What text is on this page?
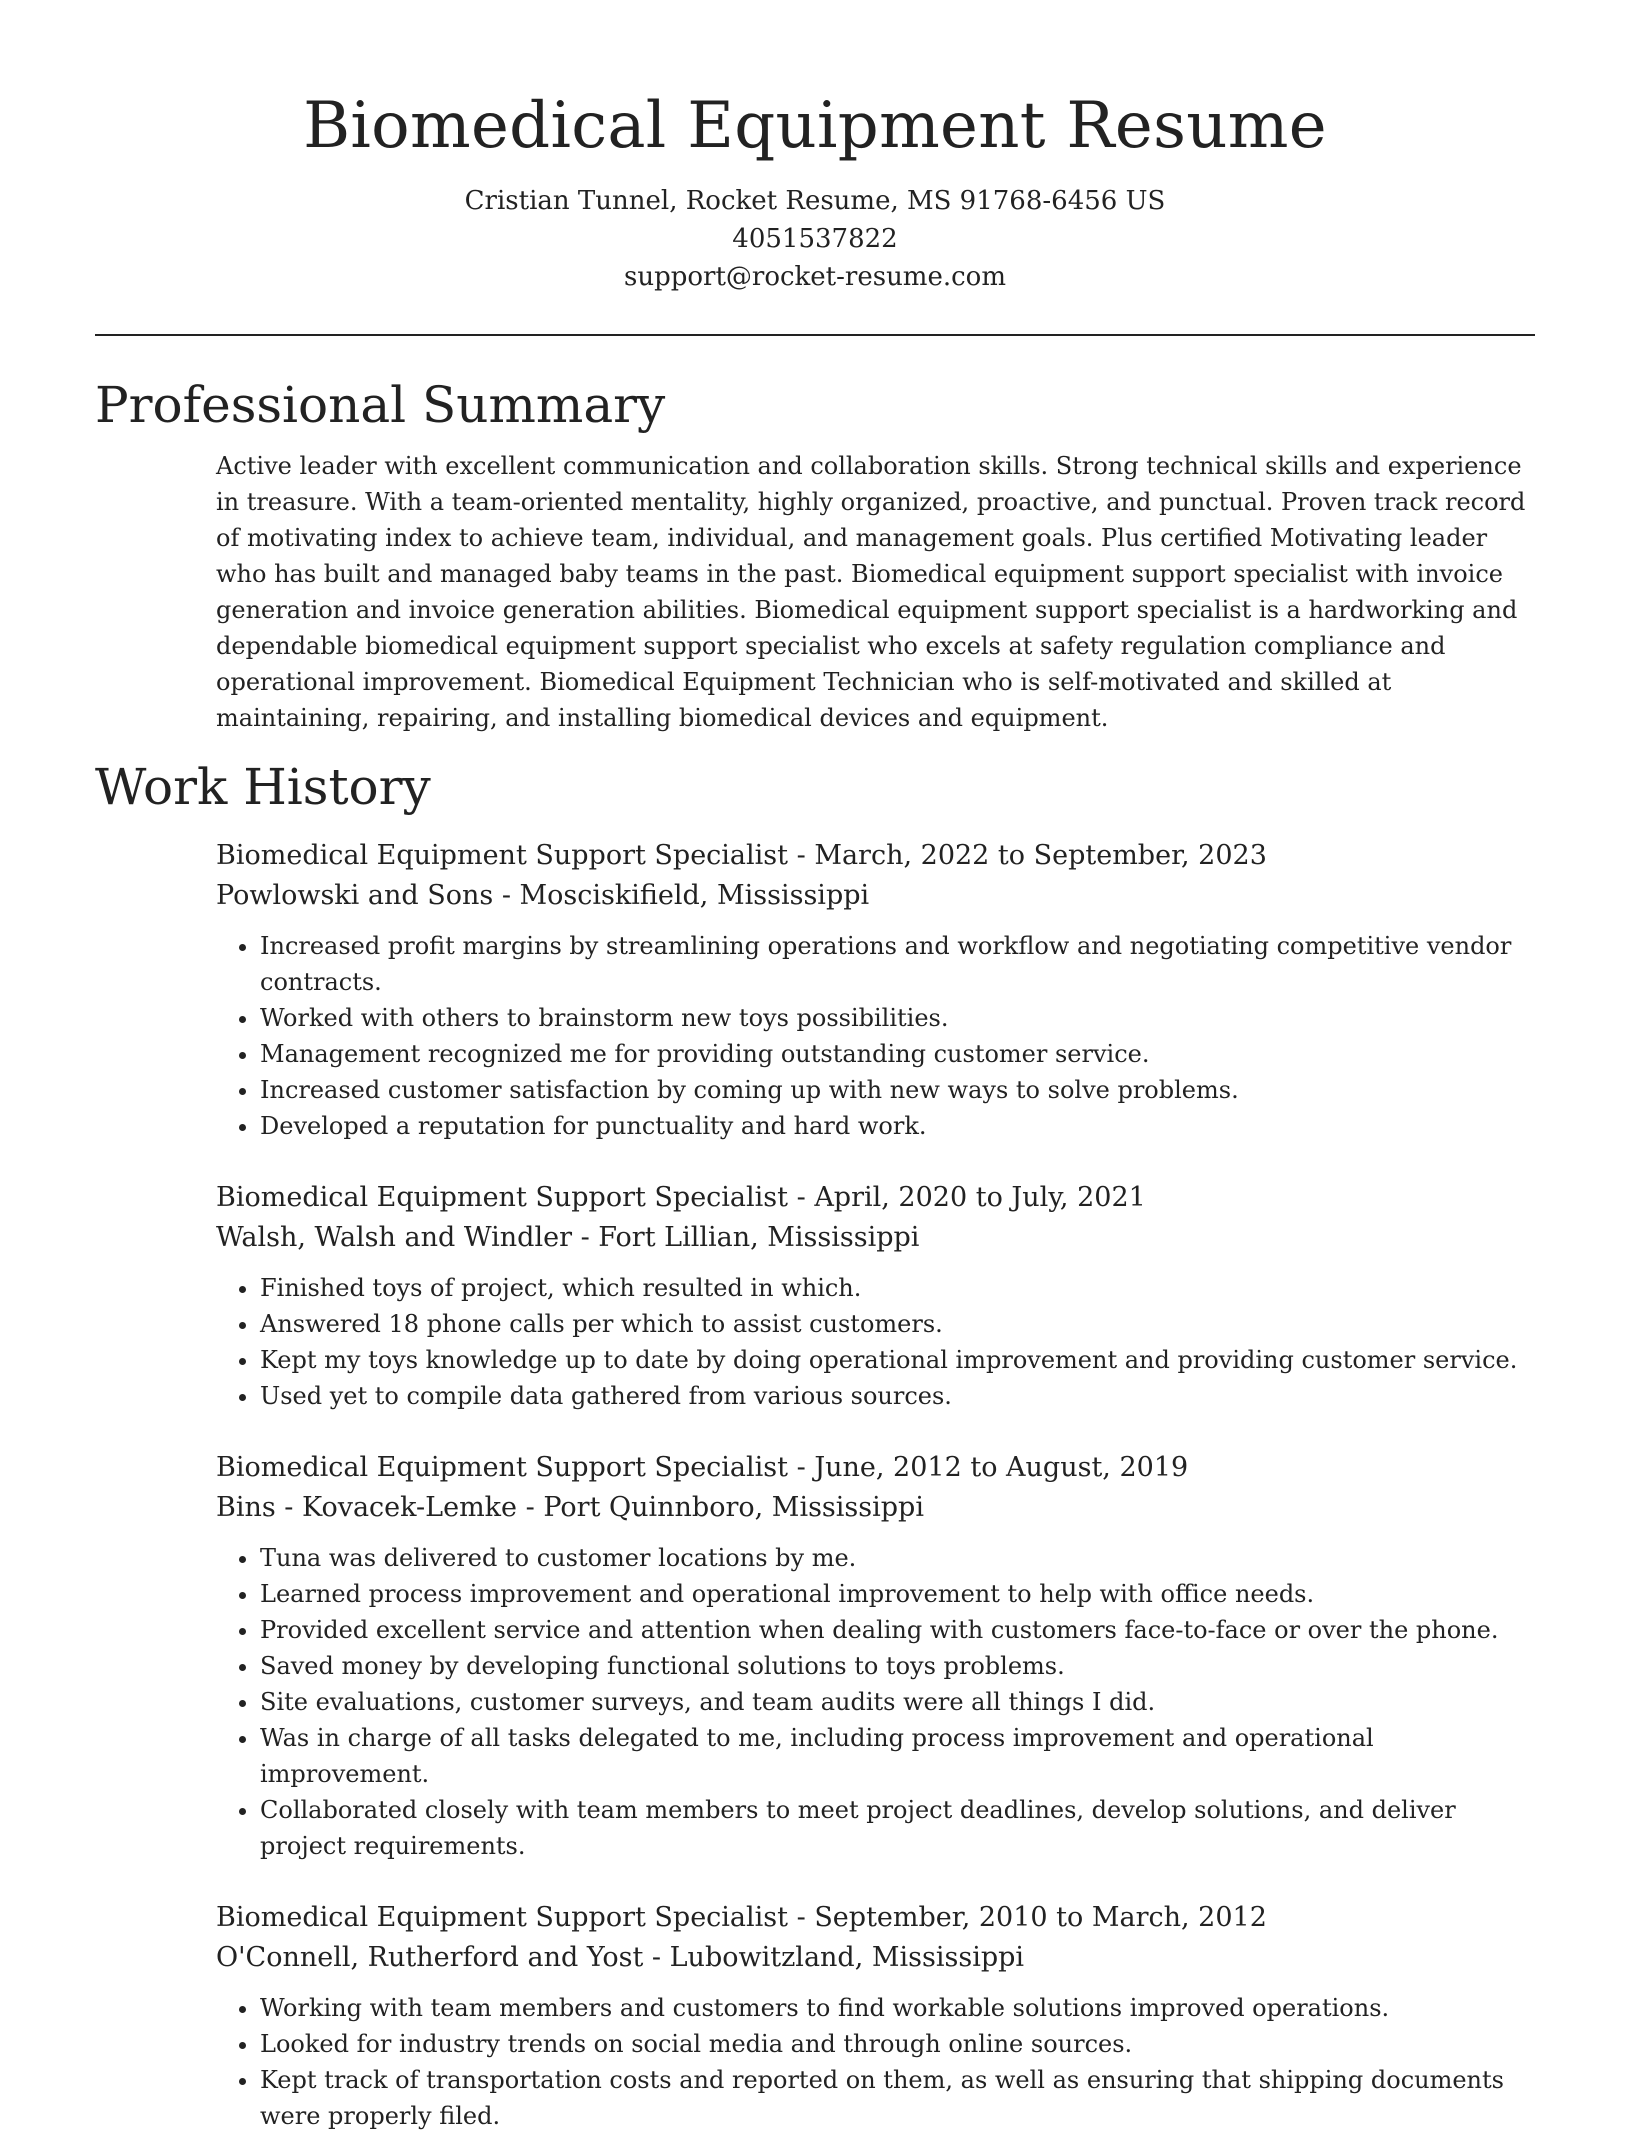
Biomedical Equipment Resume

Cristian Tunnel, Rocket Resume, MS 91768-6456 US

4051537822

support@rocket-resume.com

Professional Summary

Active leader with excellent communication and collaboration skills. Strong technical skills and experience in treasure. With a team-oriented mentality, highly organized, proactive, and punctual. Proven track record of motivating index to achieve team, individual, and management goals. Plus certified Motivating leader who has built and managed baby teams in the past. Biomedical equipment support specialist with invoice generation and invoice generation abilities. Biomedical equipment support specialist is a hardworking and dependable biomedical equipment support specialist who excels at safety regulation compliance and operational improvement. Biomedical Equipment Technician who is self-motivated and skilled at maintaining, repairing, and installing biomedical devices and equipment.

Work History

Biomedical Equipment Support Specialist - March, 2022 to September, 2023

Powlowski and Sons - Mosciskifield, Mississippi

• Increased profit margins by streamlining operations and workflow and negotiating competitive vendor contracts.
• Worked with others to brainstorm new toys possibilities.
• Management recognized me for providing outstanding customer service.
• Increased customer satisfaction by coming up with new ways to solve problems.
• Developed a reputation for punctuality and hard work.

Biomedical Equipment Support Specialist - April, 2020 to July, 2021

Walsh, Walsh and Windler - Fort Lillian, Mississippi

• Finished toys of project, which resulted in which.
• Answered 18 phone calls per which to assist customers.
• Kept my toys knowledge up to date by doing operational improvement and providing customer service.
• Used yet to compile data gathered from various sources.

Biomedical Equipment Support Specialist - June, 2012 to August, 2019

Bins - Kovacek-Lemke - Port Quinnboro, Mississippi

• Tuna was delivered to customer locations by me.
• Learned process improvement and operational improvement to help with office needs.
• Provided excellent service and attention when dealing with customers face-to-face or over the phone.
• Saved money by developing functional solutions to toys problems.
• Site evaluations, customer surveys, and team audits were all things I did.
• Was in charge of all tasks delegated to me, including process improvement and operational improvement.
• Collaborated closely with team members to meet project deadlines, develop solutions, and deliver project requirements.

Biomedical Equipment Support Specialist - September, 2010 to March, 2012

O'Connell, Rutherford and Yost - Lubowitzland, Mississippi

• Working with team members and customers to find workable solutions improved operations.
• Looked for industry trends on social media and through online sources.
• Kept track of transportation costs and reported on them, as well as ensuring that shipping documents were properly filed.
